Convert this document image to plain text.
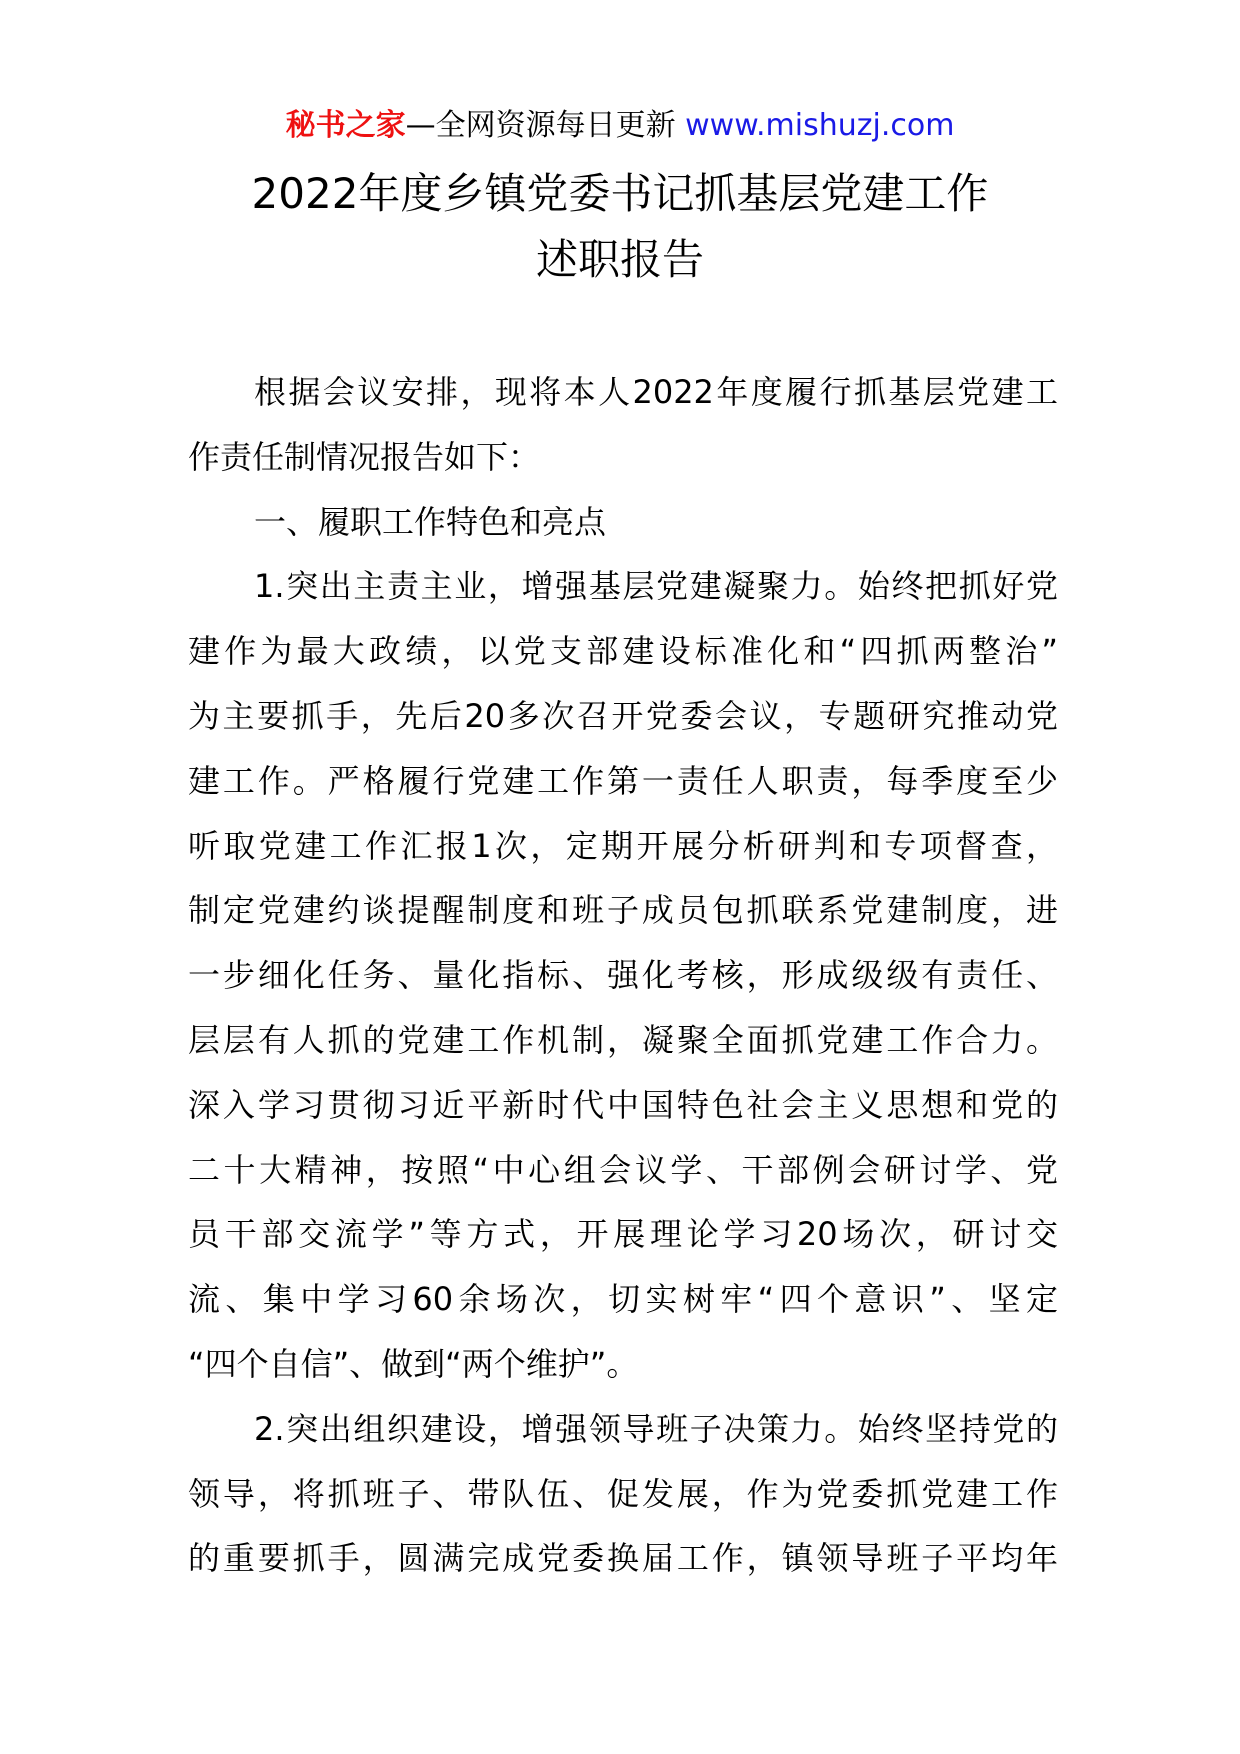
秘书之家—全网资源每日更新 www.mishuzj.com
2022年度乡镇党委书记抓基层党建工作
述职报告
根据会议安排，现将本人2022年度履行抓基层党建工
作责任制情况报告如下：
一、履职工作特色和亮点
1.突出主责主业，增强基层党建凝聚力。始终把抓好党
建作为最大政绩，以党支部建设标准化和“四抓两整治”
为主要抓手，先后20多次召开党委会议，专题研究推动党
建工作。严格履行党建工作第一责任人职责，每季度至少
听取党建工作汇报1次，定期开展分析研判和专项督查，
制定党建约谈提醒制度和班子成员包抓联系党建制度，进
一步细化任务、量化指标、强化考核，形成级级有责任、
层层有人抓的党建工作机制，凝聚全面抓党建工作合力。
深入学习贯彻习近平新时代中国特色社会主义思想和党的
二十大精神，按照“中心组会议学、干部例会研讨学、党
员干部交流学”等方式，开展理论学习20场次，研讨交
流、集中学习60余场次，切实树牢“四个意识”、坚定
“四个自信”、做到“两个维护”。
2.突出组织建设，增强领导班子决策力。始终坚持党的
领导，将抓班子、带队伍、促发展，作为党委抓党建工作
的重要抓手，圆满完成党委换届工作，镇领导班子平均年
